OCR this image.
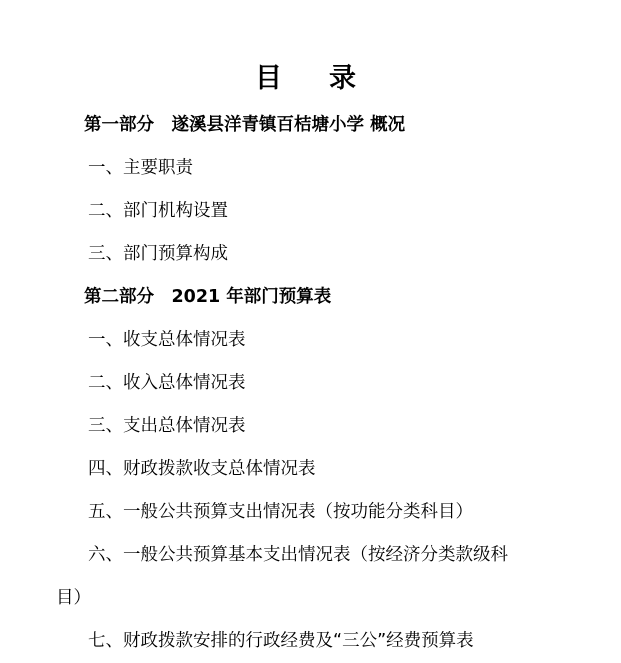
目　录
第一部分　遂溪县洋青镇百桔塘小学 概况
一、主要职责
二、部门机构设置
三、部门预算构成
第二部分　2021 年部门预算表
一、收支总体情况表
二、收入总体情况表
三、支出总体情况表
四、财政拨款收支总体情况表
五、一般公共预算支出情况表（按功能分类科目）
六、一般公共预算基本支出情况表（按经济分类款级科
目）
七、财政拨款安排的行政经费及“三公”经费预算表
